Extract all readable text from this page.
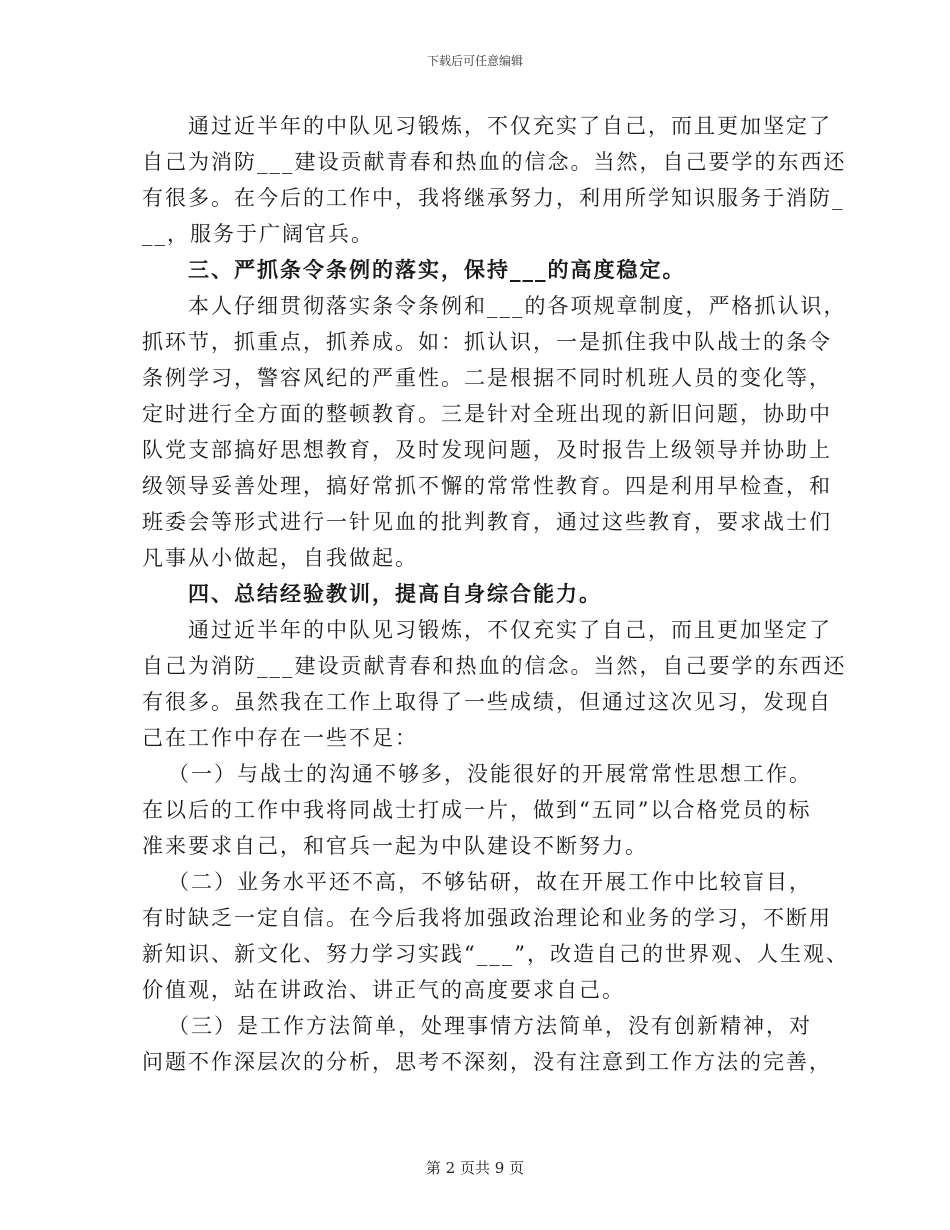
下载后可任意编辑
通过近半年的中队见习锻炼，不仅充实了自己，而且更加坚定了
自己为消防___建设贡献青春和热血的信念。当然，自己要学的东西还
有很多。在今后的工作中，我将继承努力，利用所学知识服务于消防_
__，服务于广阔官兵。
三、严抓条令条例的落实，保持___的高度稳定。
本人仔细贯彻落实条令条例和___的各项规章制度，严格抓认识，
抓环节，抓重点，抓养成。如：抓认识，一是抓住我中队战士的条令
条例学习，警容风纪的严重性。二是根据不同时机班人员的变化等，
定时进行全方面的整顿教育。三是针对全班出现的新旧问题，协助中
队党支部搞好思想教育，及时发现问题，及时报告上级领导并协助上
级领导妥善处理，搞好常抓不懈的常常性教育。四是利用早检查，和
班委会等形式进行一针见血的批判教育，通过这些教育，要求战士们
凡事从小做起，自我做起。
四、总结经验教训，提高自身综合能力。
通过近半年的中队见习锻炼，不仅充实了自己，而且更加坚定了
自己为消防___建设贡献青春和热血的信念。当然，自己要学的东西还
有很多。虽然我在工作上取得了一些成绩，但通过这次见习，发现自
己在工作中存在一些不足：
（一）与战士的沟通不够多，没能很好的开展常常性思想工作。
在以后的工作中我将同战士打成一片，做到“五同”以合格党员的标
准来要求自己，和官兵一起为中队建设不断努力。
（二）业务水平还不高，不够钻研，故在开展工作中比较盲目，
有时缺乏一定自信。在今后我将加强政治理论和业务的学习，不断用
新知识、新文化、努力学习实践“___”，改造自己的世界观、人生观、
价值观，站在讲政治、讲正气的高度要求自己。
（三）是工作方法简单，处理事情方法简单，没有创新精神，对
问题不作深层次的分析，思考不深刻，没有注意到工作方法的完善，
第 2 页共 9 页
